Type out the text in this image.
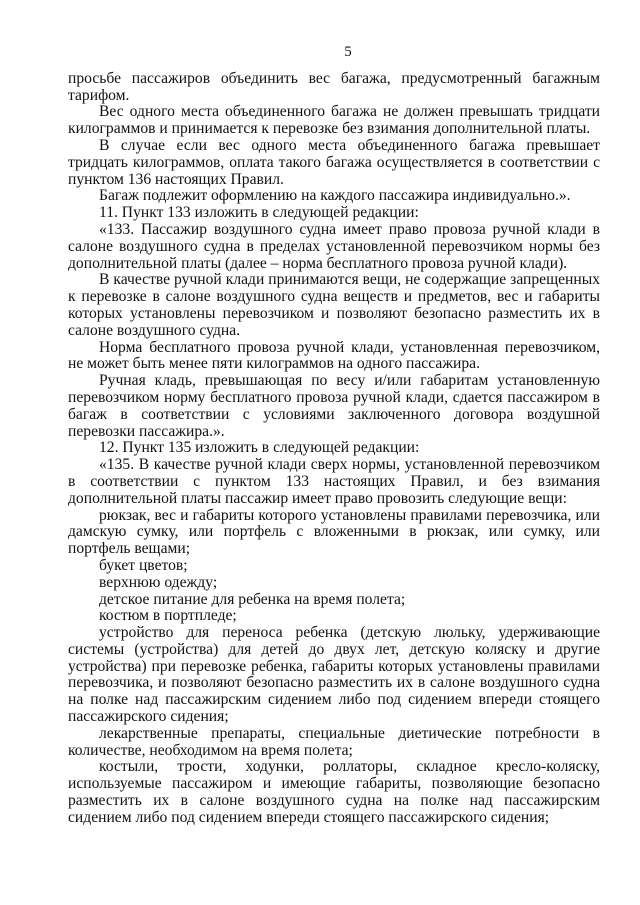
5

просьбе пассажиров объединить вес багажа, предусмотренный багажным тарифом.

Вес одного места объединенного багажа не должен превышать тридцати килограммов и принимается к перевозке без взимания дополнительной платы.

В случае если вес одного места объединенного багажа превышает тридцать килограммов, оплата такого багажа осуществляется в соответствии с пунктом 136 настоящих Правил.

Багаж подлежит оформлению на каждого пассажира индивидуально.».

11. Пункт 133 изложить в следующей редакции:

«133. Пассажир воздушного судна имеет право провоза ручной клади в салоне воздушного судна в пределах установленной перевозчиком нормы без дополнительной платы (далее – норма бесплатного провоза ручной клади).

В качестве ручной клади принимаются вещи, не содержащие запрещенных к перевозке в салоне воздушного судна веществ и предметов, вес и габариты которых установлены перевозчиком и позволяют безопасно разместить их в салоне воздушного судна.

Норма бесплатного провоза ручной клади, установленная перевозчиком, не может быть менее пяти килограммов на одного пассажира.

Ручная кладь, превышающая по весу и/или габаритам установленную перевозчиком норму бесплатного провоза ручной клади, сдается пассажиром в багаж в соответствии с условиями заключенного договора воздушной перевозки пассажира.».

12. Пункт 135 изложить в следующей редакции:

«135. В качестве ручной клади сверх нормы, установленной перевозчиком в соответствии с пунктом 133 настоящих Правил, и без взимания дополнительной платы пассажир имеет право провозить следующие вещи:

рюкзак, вес и габариты которого установлены правилами перевозчика, или дамскую сумку, или портфель с вложенными в рюкзак, или сумку, или портфель вещами;

букет цветов;

верхнюю одежду;

детское питание для ребенка на время полета;

костюм в портпледе;

устройство для переноса ребенка (детскую люльку, удерживающие системы (устройства) для детей до двух лет, детскую коляску и другие устройства) при перевозке ребенка, габариты которых установлены правилами перевозчика, и позволяют безопасно разместить их в салоне воздушного судна на полке над пассажирским сидением либо под сидением впереди стоящего пассажирского сидения;

лекарственные препараты, специальные диетические потребности в количестве, необходимом на время полета;

костыли, трости, ходунки, роллаторы, складное кресло-коляску, используемые пассажиром и имеющие габариты, позволяющие безопасно разместить их в салоне воздушного судна на полке над пассажирским сидением либо под сидением впереди стоящего пассажирского сидения;
